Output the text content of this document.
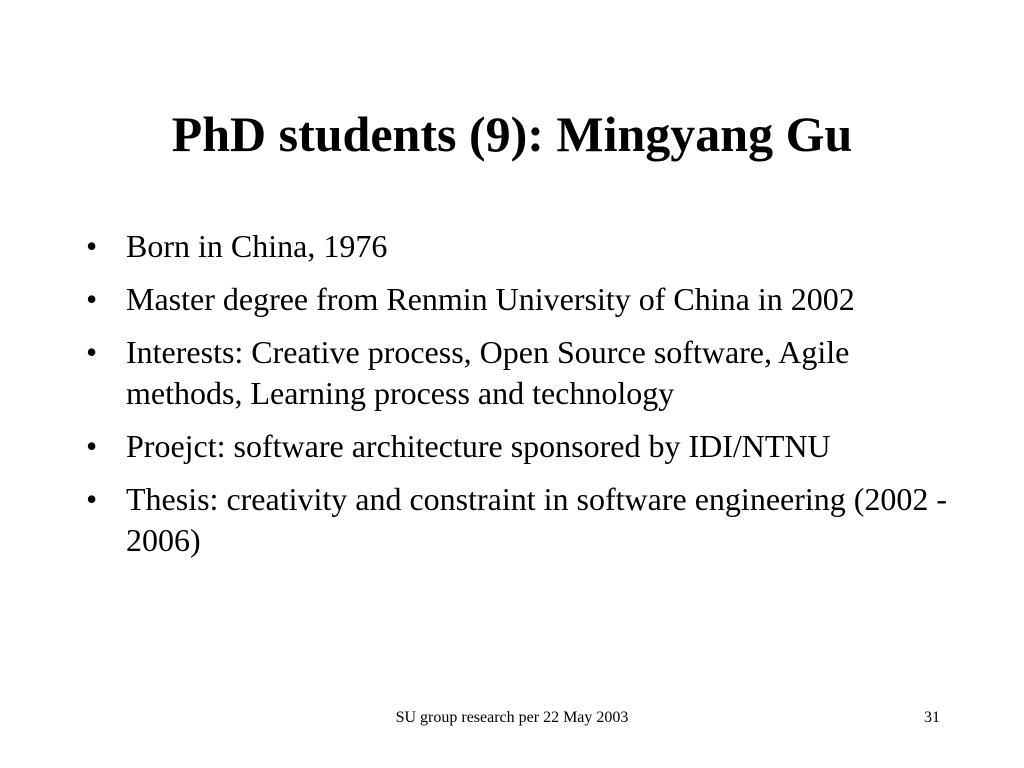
PhD students (9): Mingyang Gu
• Born in China, 1976
• Master degree from Renmin University of China in 2002
• Interests: Creative process, Open Source software, Agile methods, Learning process and technology
• Proejct: software architecture sponsored by IDI/NTNU
• Thesis: creativity and constraint in software engineering (2002 - 2006)
SU group research per 22 May 2003	31
